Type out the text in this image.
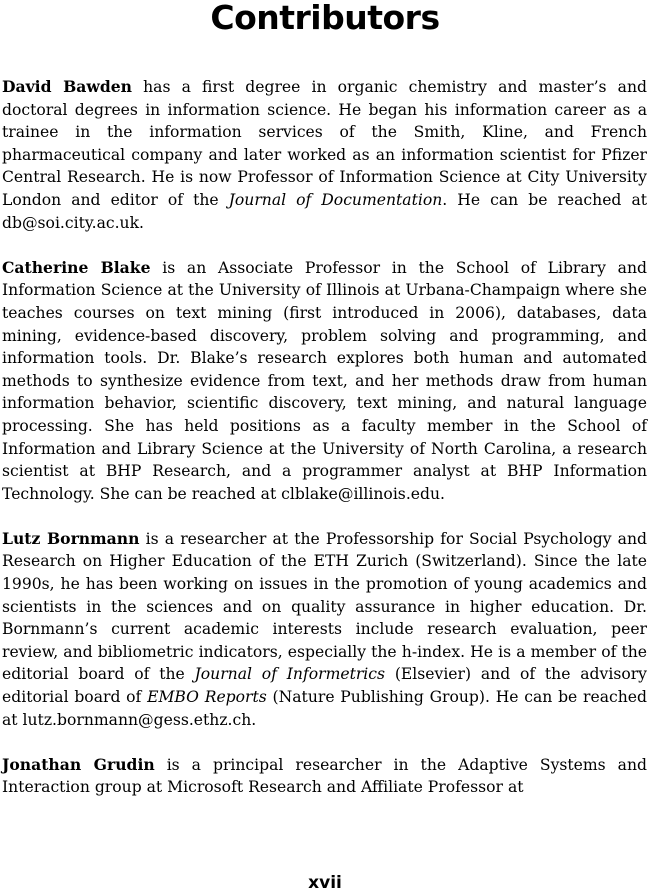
Contributors

David Bawden has a first degree in organic chemistry and master’s and doctoral degrees in information science. He began his information career as a trainee in the information services of the Smith, Kline, and French pharmaceutical company and later worked as an information scientist for Pfizer Central Research. He is now Professor of Information Science at City University London and editor of the Journal of Documentation. He can be reached at db@soi.city.ac.uk.

Catherine Blake is an Associate Professor in the School of Library and Information Science at the University of Illinois at Urbana-Champaign where she teaches courses on text mining (first introduced in 2006), databases, data mining, evidence-based discovery, problem solving and programming, and information tools. Dr. Blake’s research explores both human and automated methods to synthesize evidence from text, and her methods draw from human information behavior, scientific discovery, text mining, and natural language processing. She has held positions as a faculty member in the School of Information and Library Science at the University of North Carolina, a research scientist at BHP Research, and a programmer analyst at BHP Information Technology. She can be reached at clblake@illinois.edu.

Lutz Bornmann is a researcher at the Professorship for Social Psychology and Research on Higher Education of the ETH Zurich (Switzerland). Since the late 1990s, he has been working on issues in the promotion of young academics and scientists in the sciences and on quality assurance in higher education. Dr. Bornmann’s current academic interests include research evaluation, peer review, and bibliometric indicators, especially the h-index. He is a member of the editorial board of the Journal of Informetrics (Elsevier) and of the advisory editorial board of EMBO Reports (Nature Publishing Group). He can be reached at lutz.bornmann@gess.ethz.ch.

Jonathan Grudin is a principal researcher in the Adaptive Systems and Interaction group at Microsoft Research and Affiliate Professor at

xvii
